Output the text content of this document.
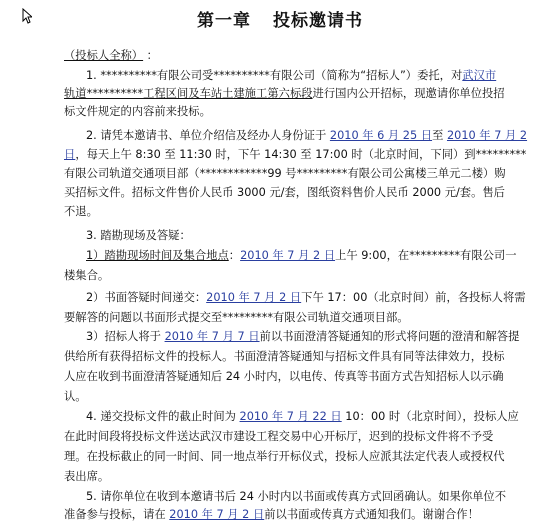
第一章 投标邀请书
（投标人全称） ：
1. **********有限公司受**********有限公司（简称为“招标人”）委托，对武汉市
轨道**********工程区间及车站土建施工第六标段进行国内公开招标，现邀请你单位投招
标文件规定的内容前来投标。
2. 请凭本邀请书、单位介绍信及经办人身份证于 2010 年 6 月 25 日至 2010 年 7 月 2
日，每天上午 8:30 至 11:30 时，下午 14:30 至 17:00 时（北京时间，下同）到*********
有限公司轨道交通项目部（************99 号*********有限公司公寓楼三单元二楼）购
买招标文件。招标文件售价人民币 3000 元/套，图纸资料售价人民币 2000 元/套。售后
不退。
3. 踏勘现场及答疑：
1）踏勘现场时间及集合地点：2010 年 7 月 2 日上午 9:00，在*********有限公司一
楼集合。
2）书面答疑时间递交：2010 年 7 月 2 日下午 17：00（北京时间）前，各投标人将需
要解答的问题以书面形式提交至*********有限公司轨道交通项目部。
3）招标人将于 2010 年 7 月 7 日前以书面澄清答疑通知的形式将问题的澄清和解答提
供给所有获得招标文件的投标人。书面澄清答疑通知与招标文件具有同等法律效力，投标
人应在收到书面澄清答疑通知后 24 小时内，以电传、传真等书面方式告知招标人以示确
认。
4. 递交投标文件的截止时间为 2010 年 7 月 22 日 10：00 时（北京时间），投标人应
在此时间段将投标文件送达武汉市建设工程交易中心开标厅，迟到的投标文件将不予受
理。在投标截止的同一时间、同一地点举行开标仪式，投标人应派其法定代表人或授权代
表出席。
5. 请你单位在收到本邀请书后 24 小时内以书面或传真方式回函确认。如果你单位不
准备参与投标，请在 2010 年 7 月 2 日前以书面或传真方式通知我们。谢谢合作！
